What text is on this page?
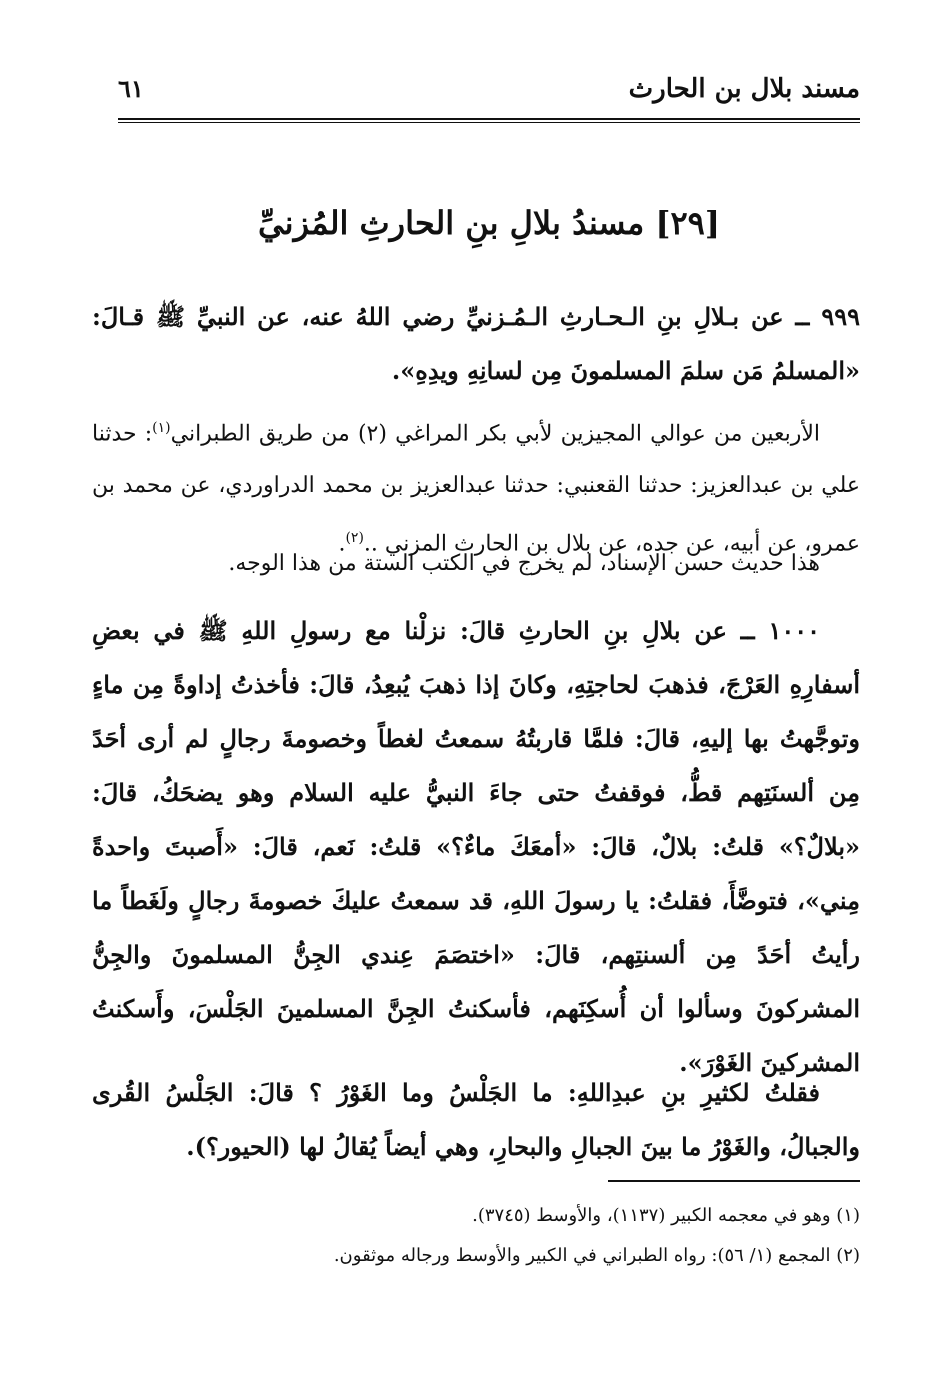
مسند بلال بن الحارث
٦١
[٢٩] مسندُ بلالِ بنِ الحارثِ المُزنيِّ

٩٩٩ ــ عن بـلالِ بنِ الـحـارثِ الـمُـزنيِّ رضي اللهُ عنه، عن النبيِّ ﷺ قـالَ: «المسلمُ مَن سلمَ المسلمونَ مِن لسانِهِ ويدِهِ».

الأربعين من عوالي المجيزين لأبي بكر المراغي (٢) من طريق الطبراني$^{(١)}$: حدثنا علي بن عبدالعزيز: حدثنا القعنبي: حدثنا عبدالعزيز بن محمد الدراوردي، عن محمد بن عمرو، عن أبيه، عن جده، عن بلال بن الحارث المزني ..$^{(٢)}$.

هذا حديث حسن الإسناد، لم يخرج في الكتب الستة من هذا الوجه.

١٠٠٠ ــ عن بلالِ بنِ الحارثِ قالَ: نزلْنا مع رسولِ اللهِ ﷺ في بعضِ أسفارِهِ العَرْجَ، فذهبَ لحاجتِهِ، وكانَ إذا ذهبَ يُبعِدُ، قالَ: فأخذتُ إداوةً مِن ماءٍ وتوجَّهتُ بها إليهِ، قالَ: فلمَّا قاربتُهُ سمعتُ لغطاً وخصومةَ رجالٍ لم أرى أحَدً مِن ألسنَتِهم قطُّ، فوقفتُ حتى جاءَ النبيُّ عليه السلام وهو يضحَكُ، قالَ: «بلالٌ؟» قلتُ: بلالٌ، قالَ: «أمعَكَ ماءٌ؟» قلتُ: نَعم، قالَ: «أَصبتَ واحدةً مِني»، فتوضَّأَ، فقلتُ: يا رسولَ اللهِ، قد سمعتُ عليكَ خصومةَ رجالٍ ولَغَطاً ما رأيتُ أحَدً مِن ألسنتِهم، قالَ: «اختصَمَ عِندي الجِنُّ المسلمونَ والجِنُّ المشركونَ وسألوا أن أُسكِنَهم، فأسكنتُ الجِنَّ المسلمينَ الجَلْسَ، وأَسكنتُ المشركينَ الغَوْرَ».

فقلتُ لكثيرِ بنِ عبدِاللهِ: ما الجَلْسُ وما الغَوْرُ ؟ قالَ: الجَلْسُ القُرى والجبالُ، والغَوْرُ ما بينَ الجبالِ والبحارِ، وهي أيضاً يُقالُ لها (الحيور؟).

(١) وهو في معجمه الكبير (١١٣٧)، والأوسط (٣٧٤٥).
(٢) المجمع (١/ ٥٦): رواه الطبراني في الكبير والأوسط ورجاله موثقون.
